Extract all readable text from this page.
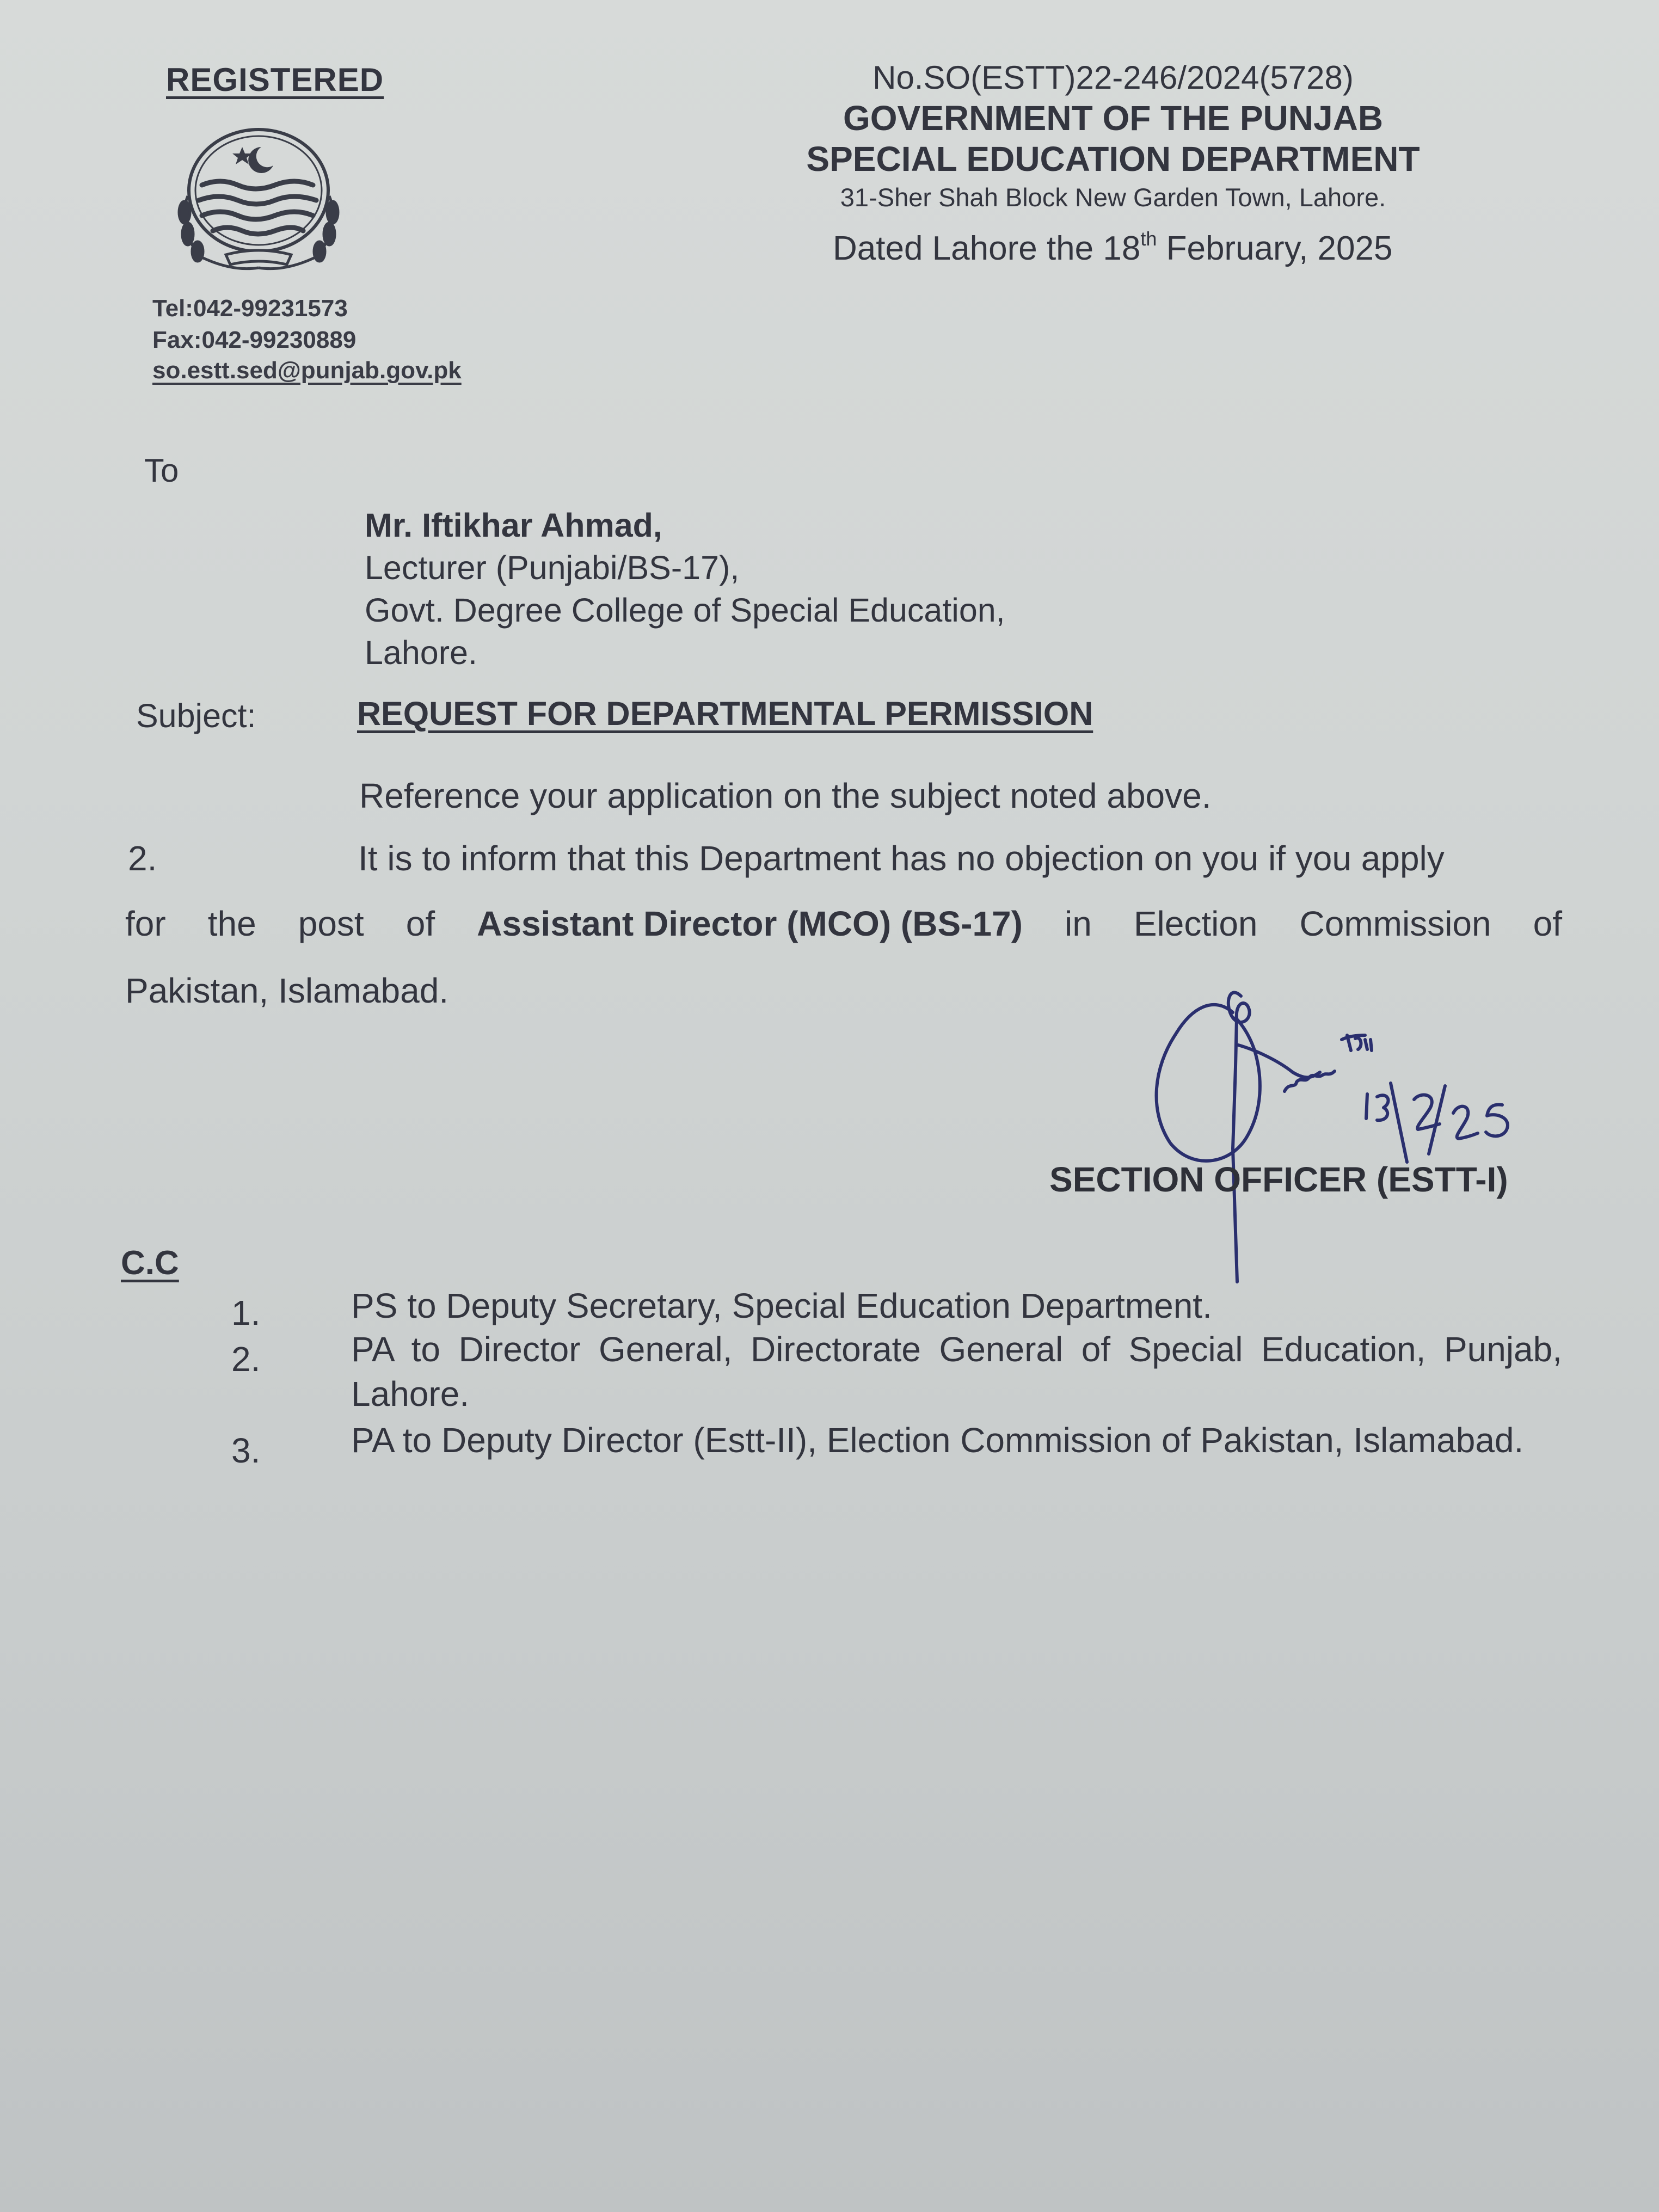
REGISTERED
Tel:042-99231573
Fax:042-99230889
so.estt.sed@punjab.gov.pk
No.SO(ESTT)22-246/2024(5728)
GOVERNMENT OF THE PUNJAB
SPECIAL EDUCATION DEPARTMENT
31-Sher Shah Block New Garden Town, Lahore.
Dated Lahore the 18th February, 2025
To
Mr. Iftikhar Ahmad,
Lecturer (Punjabi/BS-17),
Govt. Degree College of Special Education,
Lahore.
Subject:	REQUEST FOR DEPARTMENTAL PERMISSION
Reference your application on the subject noted above.
2.	It is to inform that this Department has no objection on you if you apply
for the post of Assistant Director (MCO) (BS-17) in Election Commission of
Pakistan, Islamabad.
SECTION OFFICER (ESTT-I)
C.C
1.	PS to Deputy Secretary, Special Education Department.
2.	PA to Director General, Directorate General of Special Education, Punjab, Lahore.
3.	PA to Deputy Director (Estt-II), Election Commission of Pakistan, Islamabad.
